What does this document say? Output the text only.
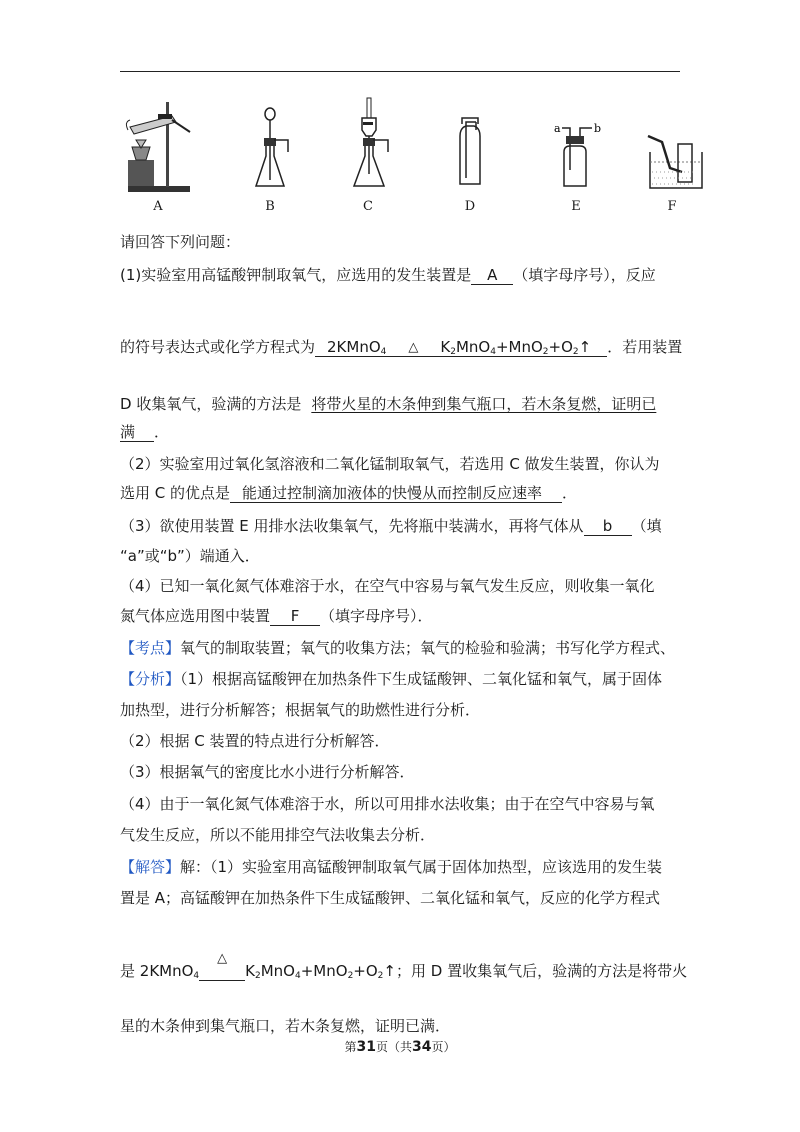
A	B	C	D
a	b
E	F
请回答下列问题：
(1)实验室用高锰酸钾制取氧气，应选用的发生装置是 A （填字母序号），反应
的符号表达式或化学方程式为 2KMnO$_4$ △ $K_2MnO_4+MnO_2+O_2↑$ ．若用装置
D 收集氧气，验满的方法是 将带火星的木条伸到集气瓶口，若木条复燃，证明已
满 ．
（2）实验室用过氧化氢溶液和二氧化锰制取氧气，若选用 C 做发生装置，你认为
选用 C 的优点是 能通过控制滴加液体的快慢从而控制反应速率 ．
（3）欲使用装置 E 用排水法收集氧气，先将瓶中装满水，再将气体从 b （填
“a”或“b”）端通入．
（4）已知一氧化氮气体难溶于水，在空气中容易与氧气发生反应，则收集一氧化
氮气体应选用图中装置 F （填字母序号）．
【考点】氧气的制取装置；氧气的收集方法；氧气的检验和验满；书写化学方程式、
【分析】（1）根据高锰酸钾在加热条件下生成锰酸钾、二氧化锰和氧气，属于固体
加热型，进行分析解答；根据氧气的助燃性进行分析．
（2）根据 C 装置的特点进行分析解答．
（3）根据氧气的密度比水小进行分析解答．
（4）由于一氧化氮气体难溶于水，所以可用排水法收集；由于在空气中容易与氧
气发生反应，所以不能用排空气法收集去分析．
【解答】解：（1）实验室用高锰酸钾制取氧气属于固体加热型，应该选用的发生装
置是 A；高锰酸钾在加热条件下生成锰酸钾、二氧化锰和氧气，反应的化学方程式
是 2KMnO$_4$
△
$K_2MnO_4+MnO_2+O_2↑$；用 D 置收集氧气后，验满的方法是将带火
星的木条伸到集气瓶口，若木条复燃，证明已满．
第31页（共34页）
